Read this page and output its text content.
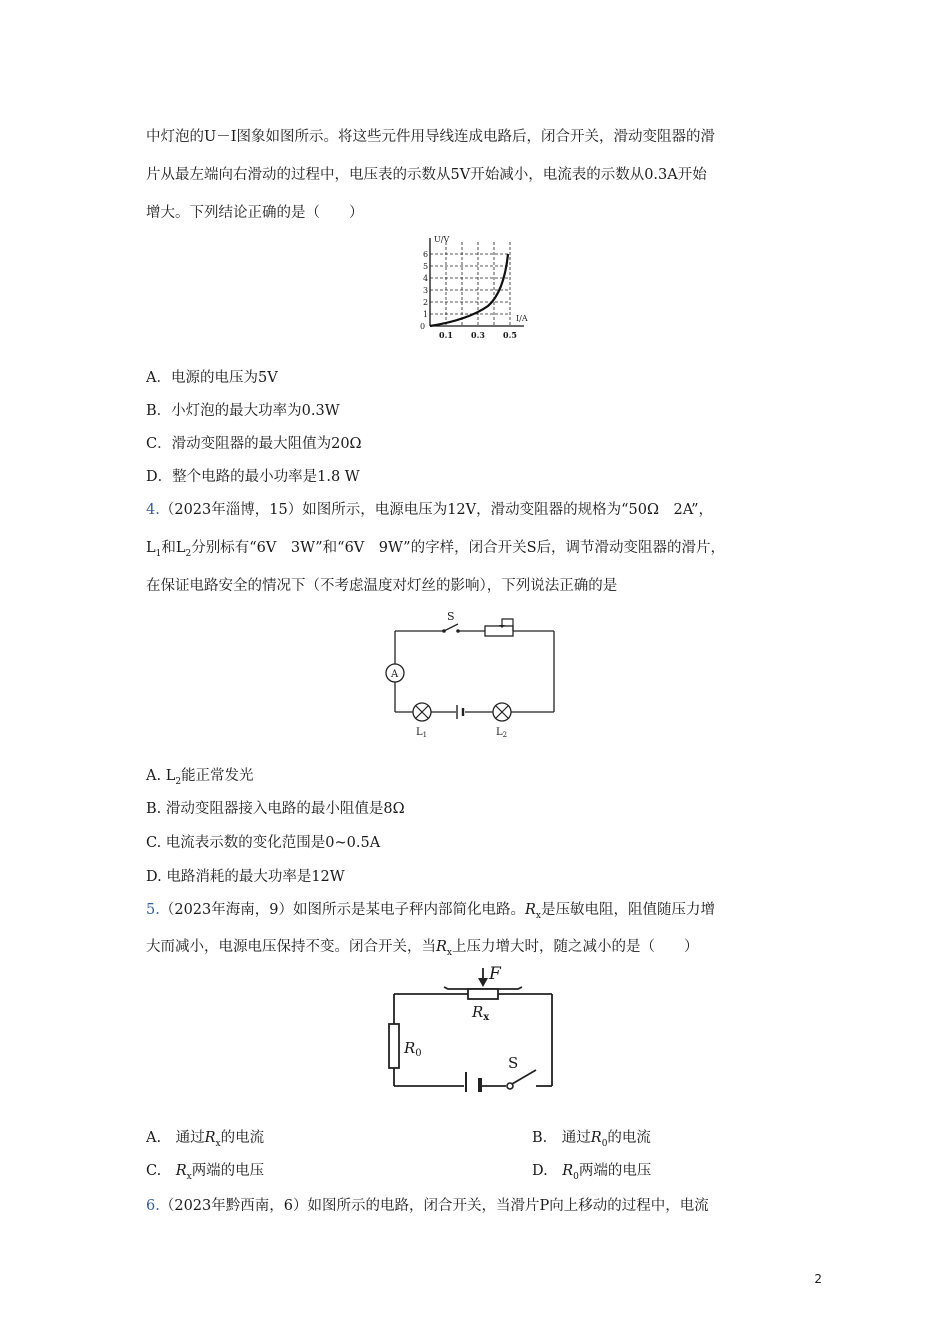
中灯泡的U－I图象如图所示。将这些元件用导线连成电路后，闭合开关，滑动变阻器的滑
片从最左端向右滑动的过程中，电压表的示数从5V开始减小，电流表的示数从0.3A开始
增大。下列结论正确的是（　　）
U/V
I/A
6
5
4
3
2
1
0
0.1 0.3 0.5
A．电源的电压为5V
B．小灯泡的最大功率为0.3W
C．滑动变阻器的最大阻值为20Ω
D．整个电路的最小功率是1.8 W
4.（2023年淄博，15）如图所示，电源电压为12V，滑动变阻器的规格为“50Ω　2A”，
$L_1$和$L_2$分别标有“6V　3W”和“6V　9W”的字样，闭合开关S后，调节滑动变阻器的滑片，
在保证电路安全的情况下（不考虑温度对灯丝的影响），下列说法正确的是
S
A
$L_1$	$L_2$
A. $L_2$能正常发光
B. 滑动变阻器接入电路的最小阻值是8Ω
C. 电流表示数的变化范围是0~0.5A
D. 电路消耗的最大功率是12W
5.（2023年海南，9）如图所示是某电子秤内部简化电路。$R_x$是压敏电阻，阻值随压力增
大而减小，电源电压保持不变。闭合开关，当$R_x$上压力增大时，随之减小的是（　　）
F
$R_x$
$R_0$
S
A.　通过$R_x$的电流	B.　通过$R_0$的电流
C.　$R_x$两端的电压	D.　$R_0$两端的电压
6.（2023年黔西南，6）如图所示的电路，闭合开关，当滑片P向上移动的过程中，电流
2
